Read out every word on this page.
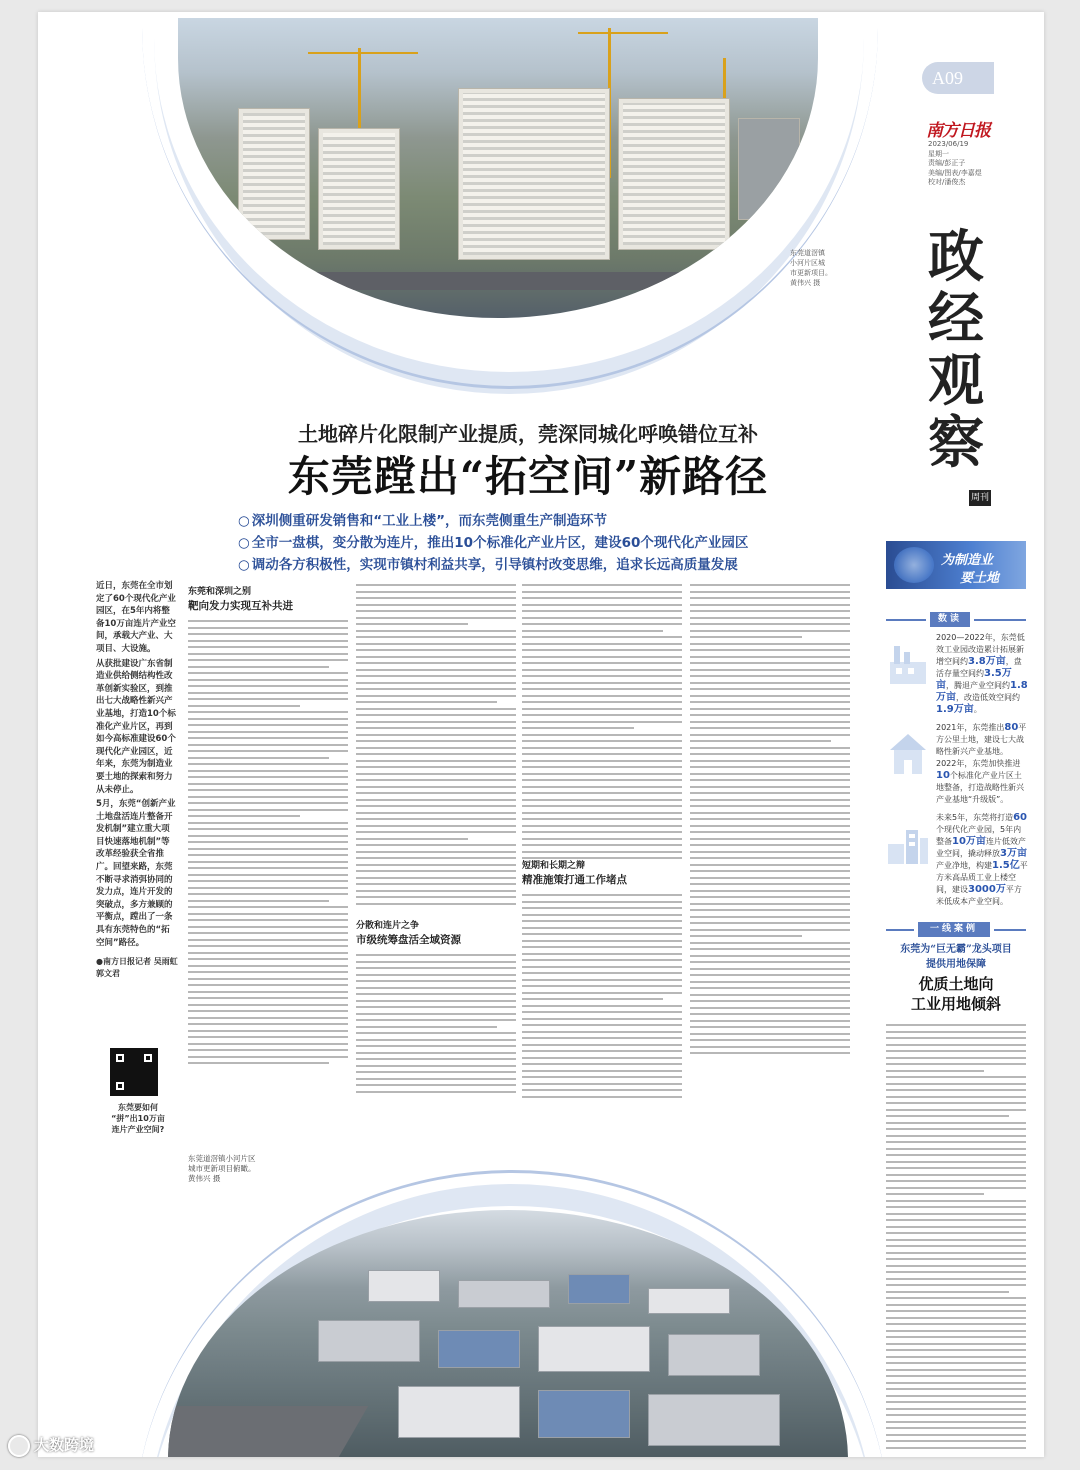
东莞道滘镇
小河片区城
市更新项目。
黄伟兴 摄
A09
南方日报
2023/06/19
星期一
责编/彭正子
美编/图表/李嘉煜
校对/潘俊杰
政
经
观
察
周刊
土地碎片化限制产业提质，莞深同城化呼唤错位互补
东莞蹚出“拓空间”新路径
○ 深圳侧重研发销售和“工业上楼”，而东莞侧重生产制造环节
○ 全市一盘棋，变分散为连片，推出10个标准化产业片区，建设60个现代化产业园区
○ 调动各方积极性，实现市镇村利益共享，引导镇村改变思维，追求长远高质量发展

近日，东莞在全市划定了60个现代化产业园区，在5年内将整备10万亩连片产业空间，承载大产业、大项目、大设施。

从获批建设广东省制造业供给侧结构性改革创新实验区，到推出七大战略性新兴产业基地，打造10个标准化产业片区，再到如今高标准建设60个现代化产业园区，近年来，东莞为制造业要土地的探索和努力从未停止。

5月，东莞“创新产业土地盘活连片整备开发机制”建立重大项目快速落地机制”等改革经验获全省推广。回望来路，东莞不断寻求消弭协同的发力点，连片开发的突破点，多方兼顾的平衡点，蹚出了一条具有东莞特色的“拓空间”路径。

●南方日报记者 吴雨虹 郭文君
东莞要如何
“拼”出10万亩
连片产业空间?
东莞和深圳之别
靶向发力实现互补共进
分散和连片之争
市级统筹盘活全域资源
短期和长期之辩
精准施策打通工作堵点
为制造业
要土地
数读
2020—2022年，东莞低效工业园改造累计拓展新增空间约3.8万亩，盘活存量空间约3.5万亩，腾退产业空间约1.8万亩，改造低效空间约1.9万亩。
2021年，东莞推出80平方公里土地，建设七大战略性新兴产业基地。2022年，东莞加快推进10个标准化产业片区土地整备，打造战略性新兴产业基地“升级版”。
未来5年，东莞将打造60个现代化产业园，5年内整备10万亩连片低效产业空间，撬动释放3万亩产业净地，构建1.5亿平方米高品质工业上楼空间，建设3000万平方米低成本产业空间。
一线案例
东莞为“巨无霸”龙头项目
提供用地保障
优质土地向
工业用地倾斜
东莞道滘镇小河片区
城市更新项目俯瞰。
黄伟兴 摄
大数跨境
